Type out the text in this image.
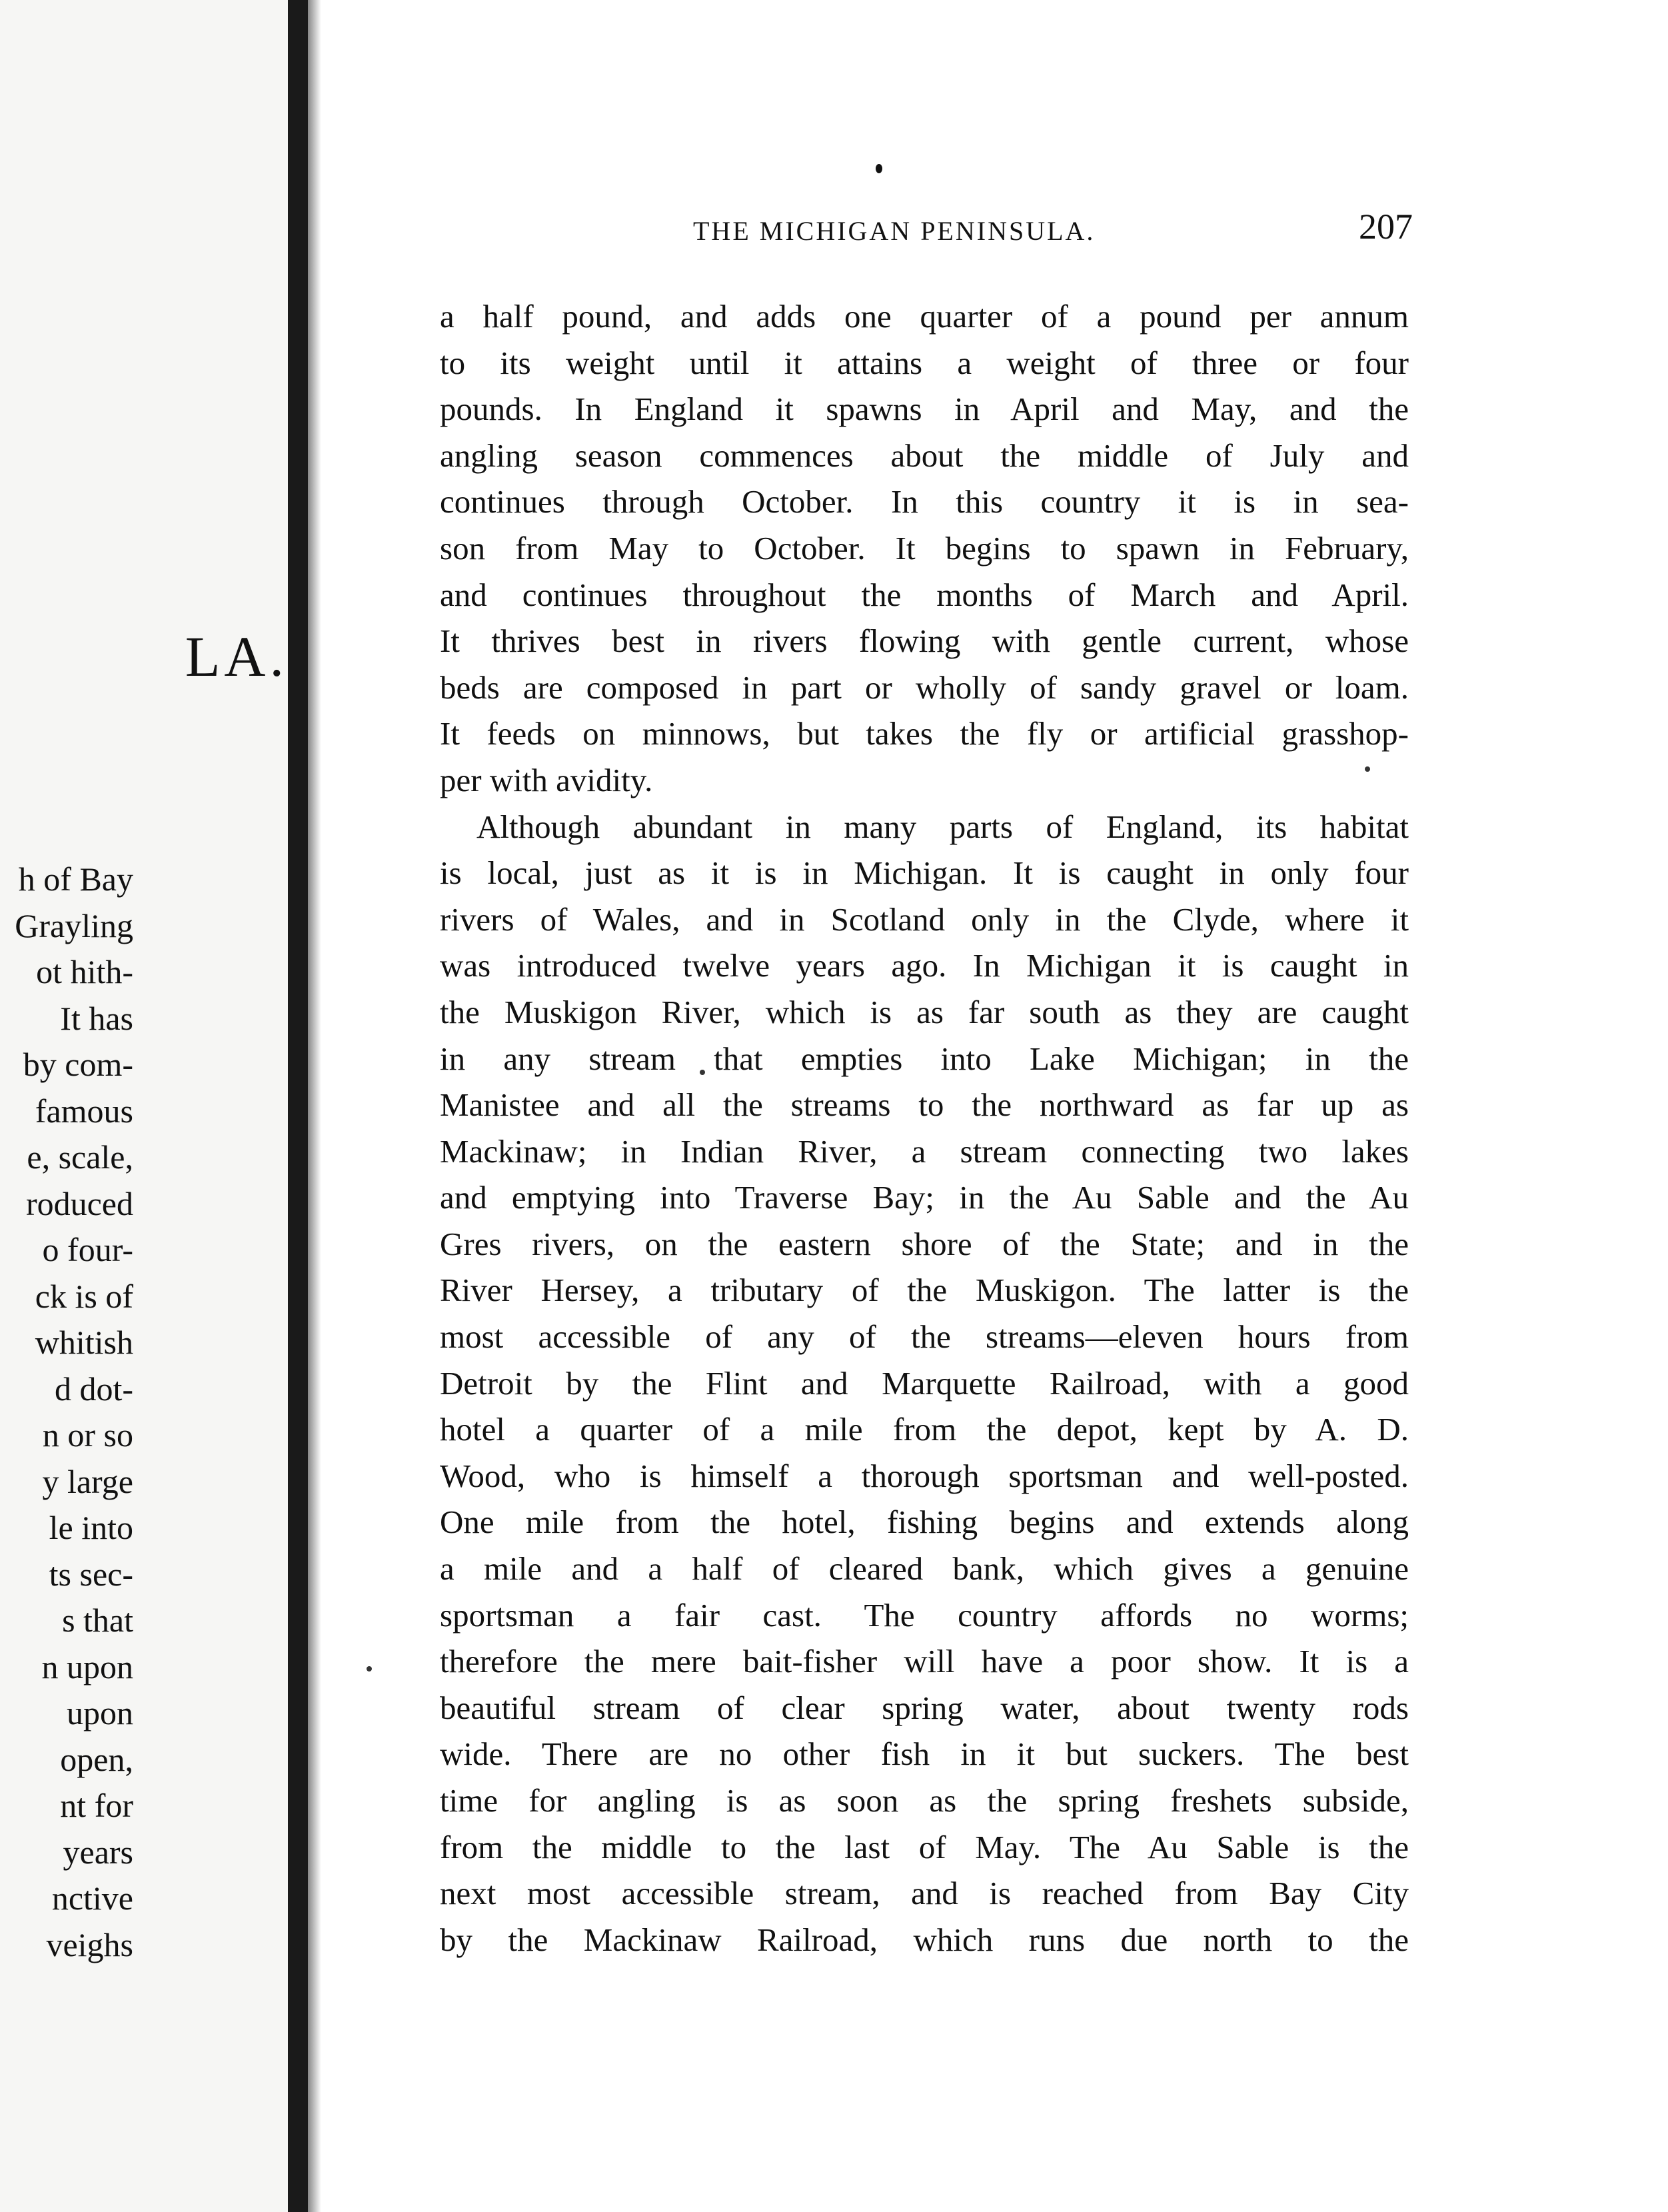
LA.
h of Bay
Grayling
ot hith-
It has
by com-
famous
e, scale,
roduced
o four-
ck is of
whitish
d dot-
n or so
y large
le into
ts sec-
s that
n upon
upon
open,
nt for
years
nctive
veighs
THE MICHIGAN PENINSULA.	207
a half pound, and adds one quarter of a pound per annum
to its weight until it attains a weight of three or four
pounds. In England it spawns in April and May, and the
angling season commences about the middle of July and
continues through October. In this country it is in sea-
son from May to October. It begins to spawn in February,
and continues throughout the months of March and April.
It thrives best in rivers flowing with gentle current, whose
beds are composed in part or wholly of sandy gravel or loam.
It feeds on minnows, but takes the fly or artificial grasshop-
per with avidity.
Although abundant in many parts of England, its habitat
is local, just as it is in Michigan. It is caught in only four
rivers of Wales, and in Scotland only in the Clyde, where it
was introduced twelve years ago. In Michigan it is caught in
the Muskigon River, which is as far south as they are caught
in any stream that empties into Lake Michigan; in the
Manistee and all the streams to the northward as far up as
Mackinaw; in Indian River, a stream connecting two lakes
and emptying into Traverse Bay; in the Au Sable and the Au
Gres rivers, on the eastern shore of the State; and in the
River Hersey, a tributary of the Muskigon. The latter is the
most accessible of any of the streams—eleven hours from
Detroit by the Flint and Marquette Railroad, with a good
hotel a quarter of a mile from the depot, kept by A. D.
Wood, who is himself a thorough sportsman and well-posted.
One mile from the hotel, fishing begins and extends along
a mile and a half of cleared bank, which gives a genuine
sportsman a fair cast. The country affords no worms;
therefore the mere bait-fisher will have a poor show. It is a
beautiful stream of clear spring water, about twenty rods
wide. There are no other fish in it but suckers. The best
time for angling is as soon as the spring freshets subside,
from the middle to the last of May. The Au Sable is the
next most accessible stream, and is reached from Bay City
by the Mackinaw Railroad, which runs due north to the
